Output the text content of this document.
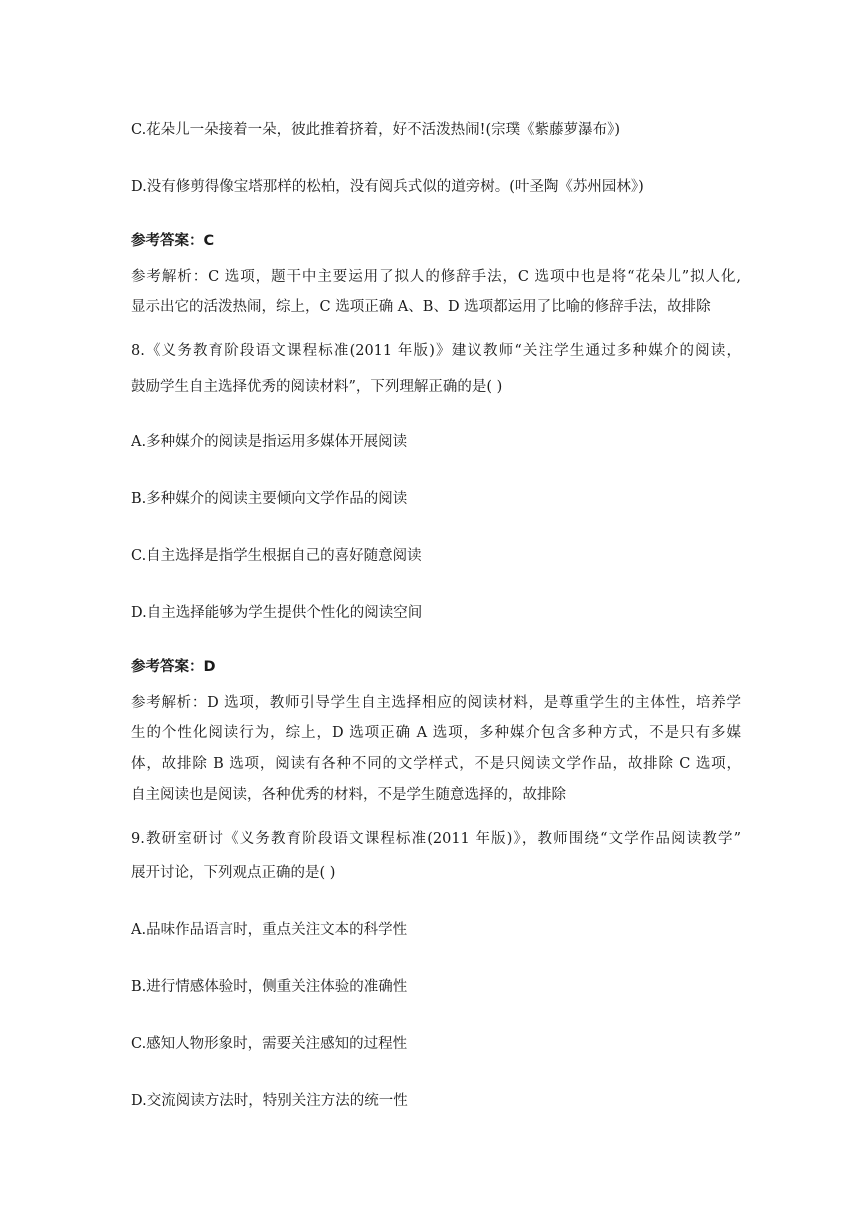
C.花朵儿一朵接着一朵，彼此推着挤着，好不活泼热闹!(宗璞《紫藤萝瀑布》)
D.没有修剪得像宝塔那样的松柏，没有阅兵式似的道旁树。(叶圣陶《苏州园林》)
参考答案：C
参考解析：C 选项，题干中主要运用了拟人的修辞手法，C 选项中也是将“花朵儿”拟人化,
显示出它的活泼热闹，综上，C 选项正确 A、B、D 选项都运用了比喻的修辞手法，故排除
8.《义务教育阶段语文课程标准(2011 年版)》建议教师“关注学生通过多种媒介的阅读，
鼓励学生自主选择优秀的阅读材料”，下列理解正确的是( )
A.多种媒介的阅读是指运用多媒体开展阅读
B.多种媒介的阅读主要倾向文学作品的阅读
C.自主选择是指学生根据自己的喜好随意阅读
D.自主选择能够为学生提供个性化的阅读空间
参考答案：D
参考解析：D 选项，教师引导学生自主选择相应的阅读材料，是尊重学生的主体性，培养学
生的个性化阅读行为，综上，D 选项正确 A 选项，多种媒介包含多种方式，不是只有多媒
体，故排除 B 选项，阅读有各种不同的文学样式，不是只阅读文学作品，故排除 C 选项，
自主阅读也是阅读，各种优秀的材料，不是学生随意选择的，故排除
9.教研室研讨《义务教育阶段语文课程标准(2011 年版)》，教师围绕“文学作品阅读教学”
展开讨论，下列观点正确的是( )
A.品味作品语言时，重点关注文本的科学性
B.进行情感体验时，侧重关注体验的准确性
C.感知人物形象时，需要关注感知的过程性
D.交流阅读方法时，特别关注方法的统一性
